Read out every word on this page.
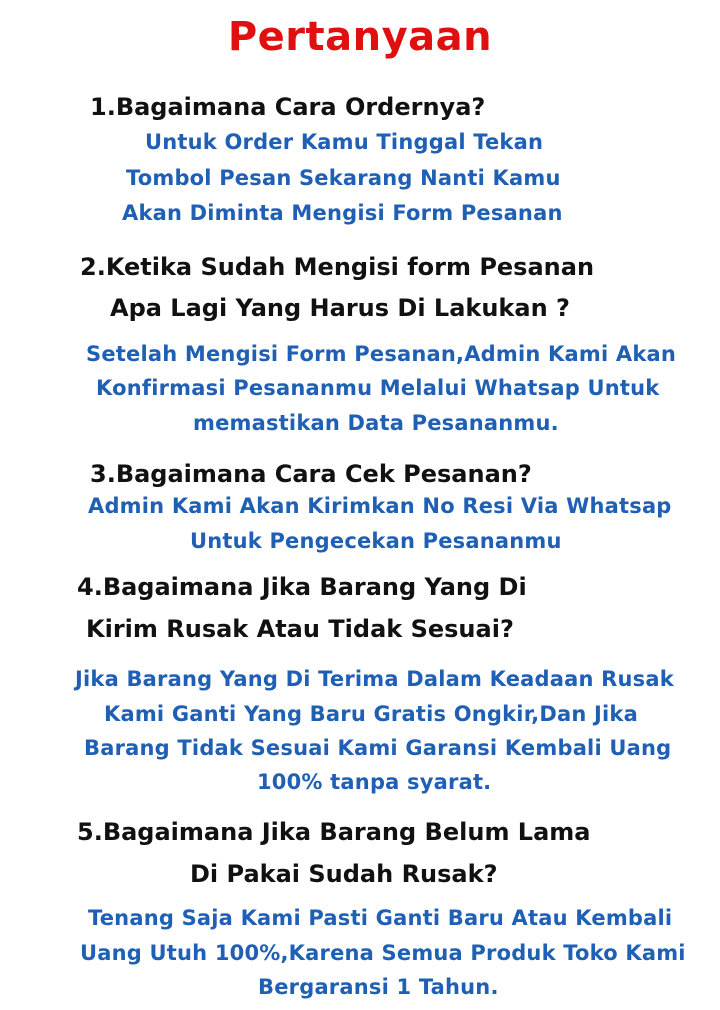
Pertanyaan
1.Bagaimana Cara Ordernya?
Untuk Order Kamu Tinggal Tekan
Tombol Pesan Sekarang Nanti Kamu
Akan Diminta Mengisi Form Pesanan
2.Ketika Sudah Mengisi form Pesanan
Apa Lagi Yang Harus Di Lakukan ?
Setelah Mengisi Form Pesanan,Admin Kami Akan
Konfirmasi Pesananmu Melalui Whatsap Untuk
memastikan Data Pesananmu.
3.Bagaimana Cara Cek Pesanan?
Admin Kami Akan Kirimkan No Resi Via Whatsap
Untuk Pengecekan Pesananmu
4.Bagaimana Jika Barang Yang Di
Kirim Rusak Atau Tidak Sesuai?
Jika Barang Yang Di Terima Dalam Keadaan Rusak
Kami Ganti Yang Baru Gratis Ongkir,Dan Jika
Barang Tidak Sesuai Kami Garansi Kembali Uang
100% tanpa syarat.
5.Bagaimana Jika Barang Belum Lama
Di Pakai Sudah Rusak?
Tenang Saja Kami Pasti Ganti Baru Atau Kembali
Uang Utuh 100%,Karena Semua Produk Toko Kami
Bergaransi 1 Tahun.
